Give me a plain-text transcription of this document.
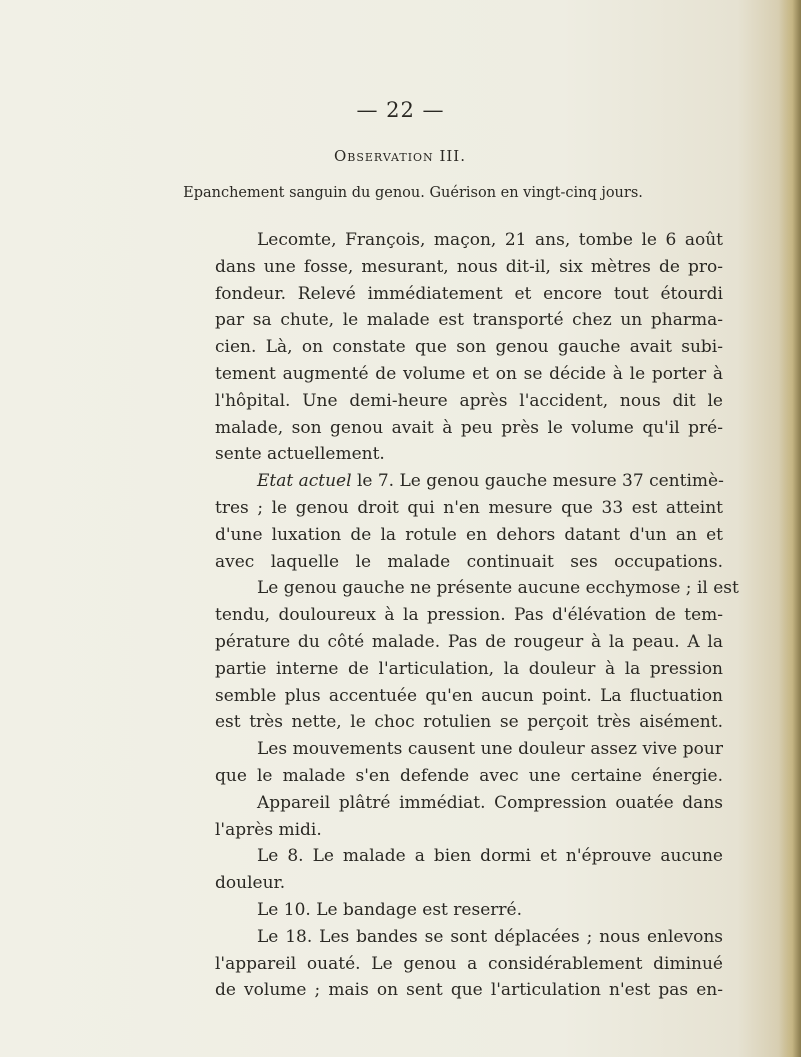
— 22 —
Observation III.
Epanchement sanguin du genou. Guérison en vingt-cinq jours.
Lecomte, François, maçon, 21 ans, tombe le 6 août
dans une fosse, mesurant, nous dit-il, six mètres de pro-
fondeur. Relevé immédiatement et encore tout étourdi
par sa chute, le malade est transporté chez un pharma-
cien. Là, on constate que son genou gauche avait subi-
tement augmenté de volume et on se décide à le porter à
l'hôpital. Une demi-heure après l'accident, nous dit le
malade, son genou avait à peu près le volume qu'il pré-
sente actuellement.
Etat actuel le 7. Le genou gauche mesure 37 centimè-
tres ; le genou droit qui n'en mesure que 33 est atteint
d'une luxation de la rotule en dehors datant d'un an et
avec laquelle le malade continuait ses occupations.
Le genou gauche ne présente aucune ecchymose ; il est
tendu, douloureux à la pression. Pas d'élévation de tem-
pérature du côté malade. Pas de rougeur à la peau. A la
partie interne de l'articulation, la douleur à la pression
semble plus accentuée qu'en aucun point. La fluctuation
est très nette, le choc rotulien se perçoit très aisément.
Les mouvements causent une douleur assez vive pour
que le malade s'en defende avec une certaine énergie.
Appareil plâtré immédiat. Compression ouatée dans
l'après midi.
Le 8. Le malade a bien dormi et n'éprouve aucune
douleur.
Le 10. Le bandage est reserré.
Le 18. Les bandes se sont déplacées ; nous enlevons
l'appareil ouaté. Le genou a considérablement diminué
de volume ; mais on sent que l'articulation n'est pas en-
